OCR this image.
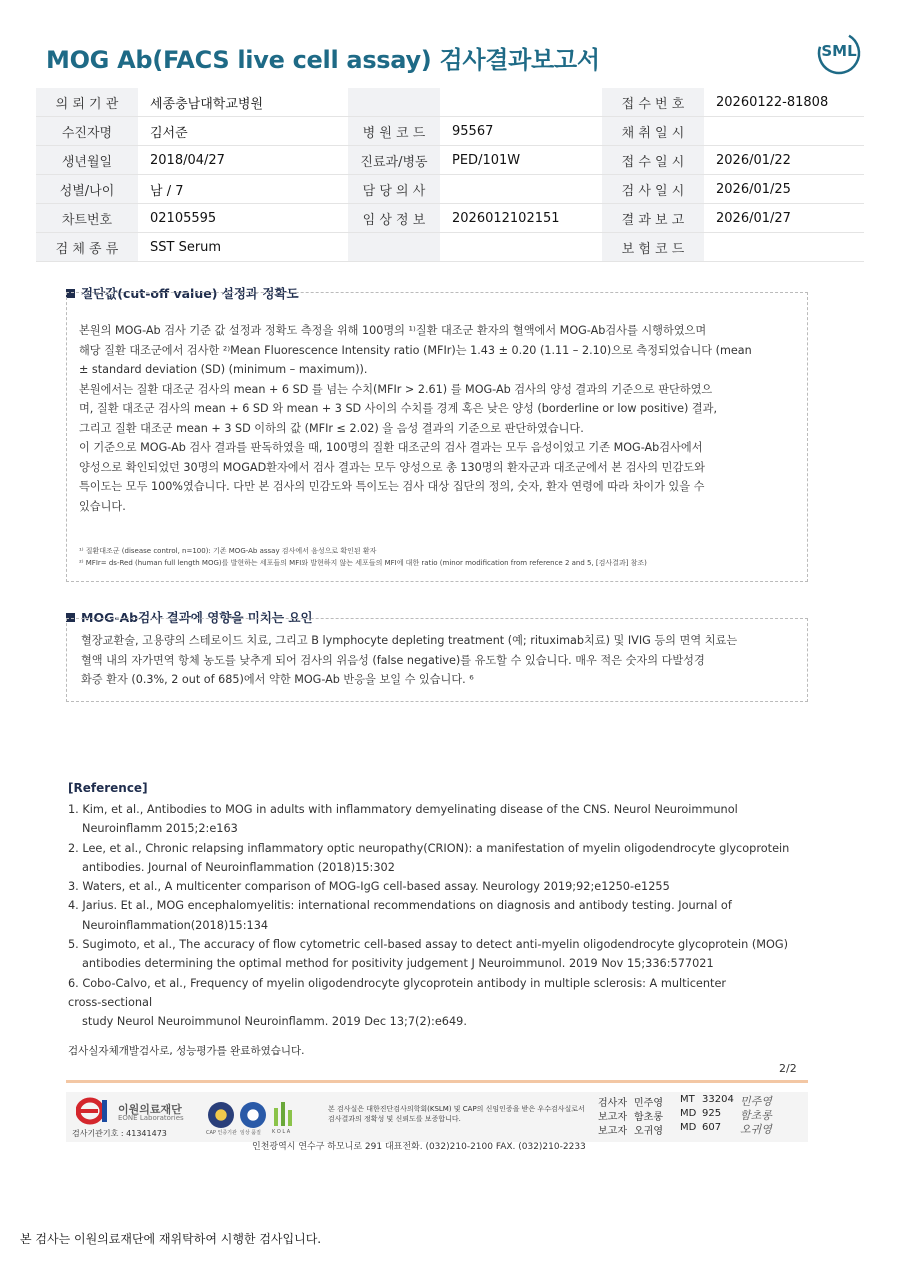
MOG Ab(FACS live cell assay) 검사결과보고서	SML
의 뢰 기 관	세종충남대학교병원			접 수 번 호	20260122-81808
수진자명	김서준	병 원 코 드	95567	채 취 일 시	
생년월일	2018/04/27	진료과/병동	PED/101W	접 수 일 시	2026/01/22
성별/나이	남 / 7	담 당 의 사		검 사 일 시	2026/01/25
차트번호	02105595	임 상 정 보	2026012102151	결 과 보 고	2026/01/27
검 체 종 류	SST Serum			보 험 코 드	
절단값(cut-off value) 설정과 정확도
본원의 MOG-Ab 검사 기준 값 설정과 정확도 측정을 위해 100명의 ¹⁾질환 대조군 환자의 혈액에서 MOG-Ab검사를 시행하였으며
해당 질환 대조군에서 검사한 ²⁾Mean Fluorescence Intensity ratio (MFIr)는 1.43 ± 0.20 (1.11 – 2.10)으로 측정되었습니다 (mean
± standard deviation (SD) (minimum – maximum)).
본원에서는 질환 대조군 검사의 mean + 6 SD 를 넘는 수치(MFIr > 2.61) 를 MOG-Ab 검사의 양성 결과의 기준으로 판단하였으
며, 질환 대조군 검사의 mean + 6 SD 와 mean + 3 SD 사이의 수치를 경계 혹은 낮은 양성 (borderline or low positive) 결과,
그리고 질환 대조군 mean + 3 SD 이하의 값 (MFIr ≤ 2.02) 을 음성 결과의 기준으로 판단하였습니다.
이 기준으로 MOG-Ab 검사 결과를 판독하였을 때, 100명의 질환 대조군의 검사 결과는 모두 음성이었고 기존 MOG-Ab검사에서
양성으로 확인되었던 30명의 MOGAD환자에서 검사 결과는 모두 양성으로 총 130명의 환자군과 대조군에서 본 검사의 민감도와
특이도는 모두 100%였습니다. 다만 본 검사의 민감도와 특이도는 검사 대상 집단의 정의, 숫자, 환자 연령에 따라 차이가 있을 수
있습니다.
¹⁾ 질환대조군 (disease control, n=100): 기존 MOG-Ab assay 검사에서 음성으로 확인된 환자
²⁾ MFIr= ds-Red (human full length MOG)를 발현하는 세포들의 MFI와 발현하지 않는 세포들의 MFI에 대한 ratio (minor modification from reference 2 and 5, [검사결과] 참조)
MOG-Ab검사 결과에 영향을 미치는 요인
혈장교환술, 고용량의 스테로이드 치료, 그리고 B lymphocyte depleting treatment (예; rituximab치료) 및 IVIG 등의 면역 치료는
혈액 내의 자가면역 항체 농도를 낮추게 되어 검사의 위음성 (false negative)를 유도할 수 있습니다. 매우 적은 숫자의 다발성경
화증 환자 (0.3%, 2 out of 685)에서 약한 MOG-Ab 반응을 보일 수 있습니다. ⁶
[Reference]
1. Kim, et al., Antibodies to MOG in adults with inflammatory demyelinating disease of the CNS. Neurol Neuroimmunol
Neuroinflamm 2015;2:e163
2. Lee, et al., Chronic relapsing inflammatory optic neuropathy(CRION): a manifestation of myelin oligodendrocyte glycoprotein
antibodies. Journal of Neuroinflammation (2018)15:302
3. Waters, et al., A multicenter comparison of MOG-IgG cell-based assay. Neurology 2019;92;e1250-e1255
4. Jarius. Et al., MOG encephalomyelitis: international recommendations on diagnosis and antibody testing. Journal of
Neuroinflammation(2018)15:134
5. Sugimoto, et al., The accuracy of flow cytometric cell-based assay to detect anti-myelin oligodendrocyte glycoprotein (MOG)
antibodies determining the optimal method for positivity judgement J Neuroimmunol. 2019 Nov 15;336:577021
6. Cobo-Calvo, et al., Frequency of myelin oligodendrocyte glycoprotein antibody in multiple sclerosis: A multicenter
cross-sectional
study Neurol Neuroimmunol Neuroinflamm. 2019 Dec 13;7(2):e649.
검사실자체개발검사로, 성능평가를 완료하였습니다.
2/2
이원의료재단
EONE Laboratories
검사기관기호 : 41341473	CAP 인증기관 임상 품질 K O L A
본 검사실은 대한진단검사의학회(KSLM) 및 CAP의 신임인증을 받은 우수검사실로서 검사결과의 정확성 및 신뢰도를 보증합니다.
검사자 민주영 MT 33204 민주영
보고자 함초롱 MD 925 함초롱
보고자 오귀영 MD 607 오귀영
인천광역시 연수구 하모니로 291 대표전화. (032)210-2100 FAX. (032)210-2233
본 검사는 이원의료재단에 재위탁하여 시행한 검사입니다.
